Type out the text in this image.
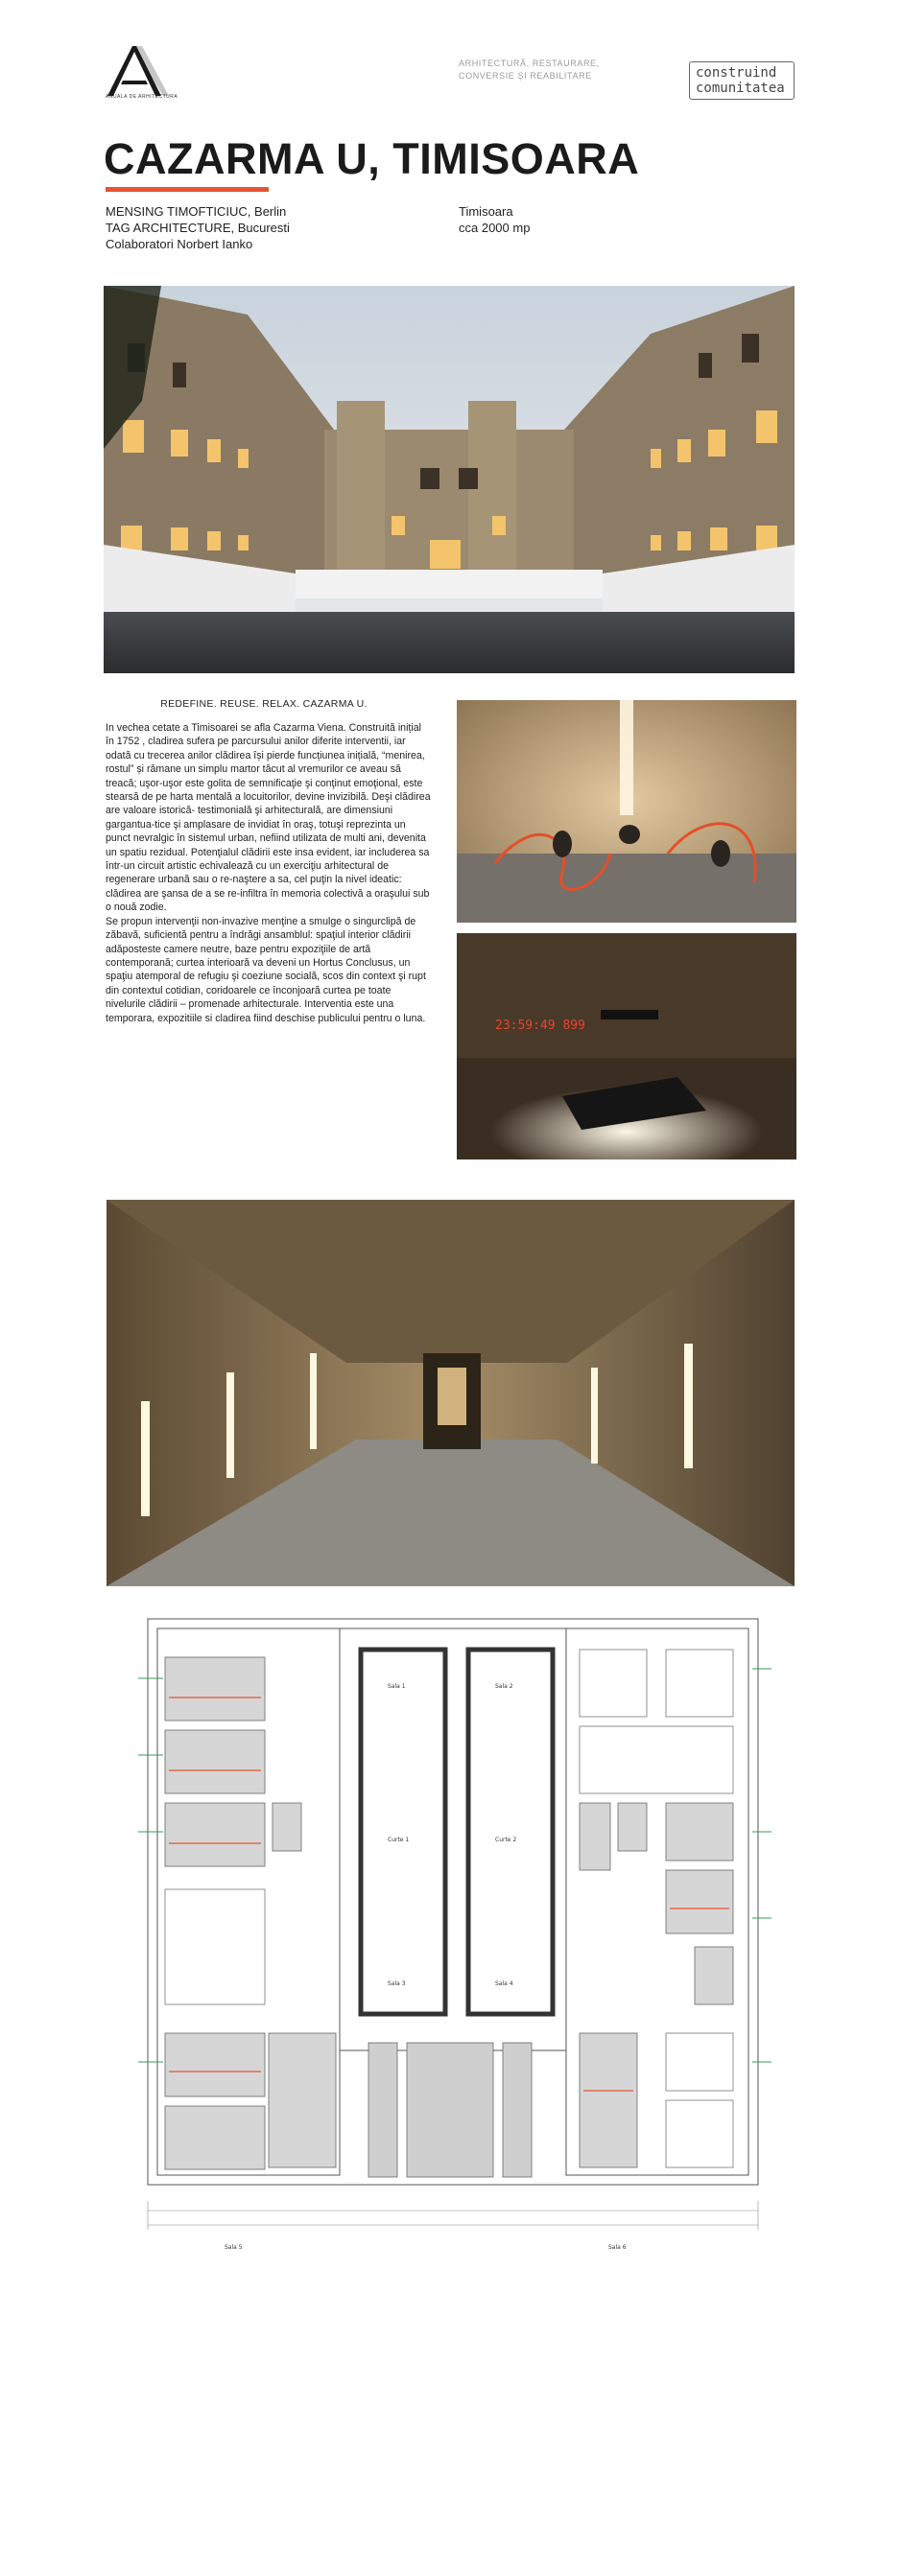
ANUALA DE ARHITECTURA
ARHITECTURĂ, RESTAURARE,
CONVERSIE ȘI REABILITARE	construind
comunitatea
CAZARMA U, TIMISOARA
MENSING TIMOFTICIUC, Berlin
TAG ARCHITECTURE, Bucuresti
Colaboratori Norbert Ianko
Timisoara
cca 2000 mp
REDEFINE. REUSE. RELAX. CAZARMA U.

In vechea cetate a Timisoarei se afla Cazarma Viena. Construită inițial în 1752 , cladirea sufera pe parcursului anilor diferite interventii, iar odată cu trecerea anilor clădirea își pierde funcțiunea inițială, “menirea, rostul” și rămane un simplu martor tăcut al vremurilor ce aveau să treacă; uşor-uşor este golita de semnificaţie şi conţinut emoţional, este stearsă de pe harta mentală a locuitorilor, devine invizibilă. Deşi clădirea are valoare istorică- testimonială şi arhitecturală, are dimensiuni gargantua-tice şi amplasare de invidiat în oraş, totuşi reprezinta un punct nevralgic în sistemul urban, nefiind utilizata de multi ani, devenita un spatiu rezidual. Potenţialul clădirii este insa evident, iar includerea sa într-un circuit artistic echivalează cu un exerciţiu arhitectural de regenerare urbană sau o re-naştere a sa, cel puţin la nivel ideatic: clădirea are şansa de a se re-infiltra în memoria colectivă a oraşului sub o nouă zodie.

Se propun intervenţii non-invazive menţine a smulge o singurclipă de zăbavă, suficientă pentru a îndrăgi ansamblul: spaţiul interior clădirii adăposteste camere neutre, baze pentru expoziţiile de artă contemporană; curtea interioară va deveni un Hortus Conclusus, un spaţiu atemporal de refugiu şi coeziune socială, scos din context şi rupt din contextul cotidian, coridoarele ce înconjoară curtea pe toate nivelurile clădirii – promenade arhitecturale. Interventia este una temporara, expozitiile si cladirea fiind deschise publicului pentru o luna.

23:59:49 899
Sala 1	Sala 2
Sala 3	Sala 4
Curte 1	Curte 2
Sala 5	Sala 6
